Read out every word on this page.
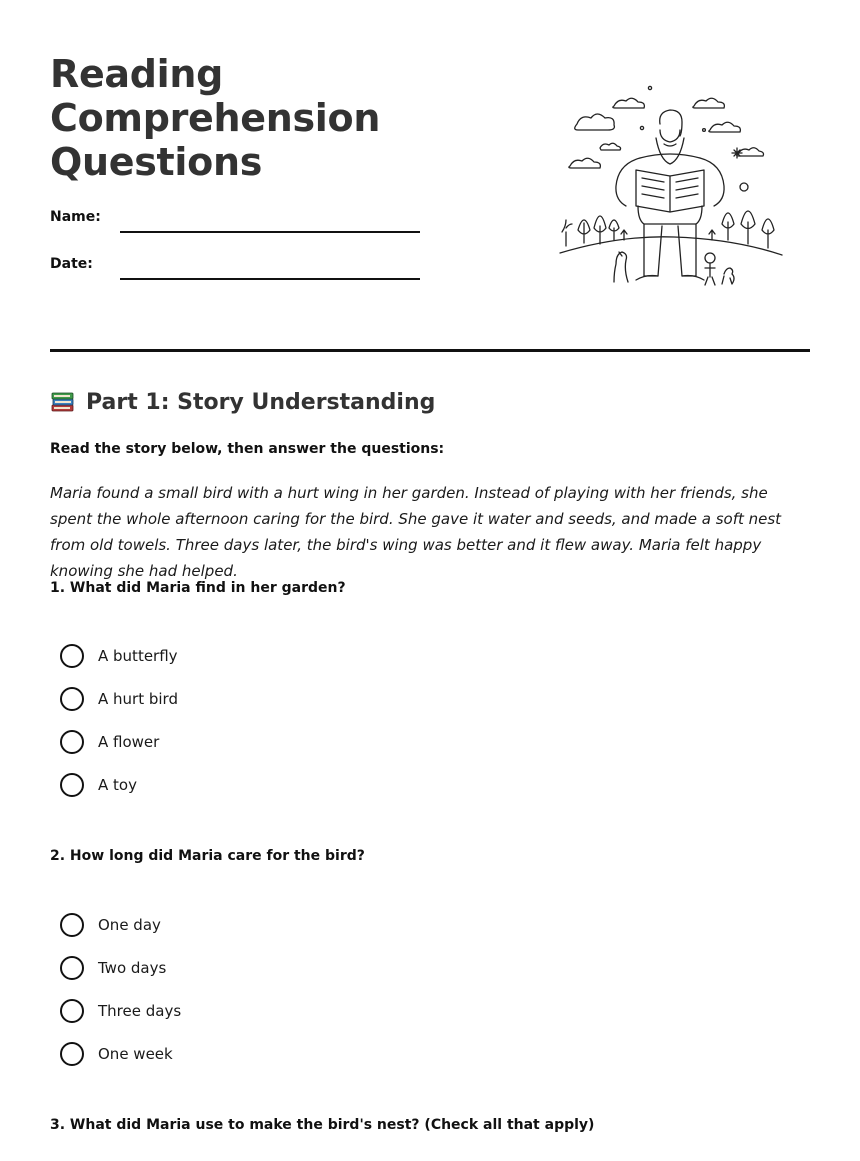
Reading
Comprehension
Questions
Name:
Date:
Part 1: Story Understanding
Read the story below, then answer the questions:
Maria found a small bird with a hurt wing in her garden. Instead of playing with her friends, she spent the whole afternoon caring for the bird. She gave it water and seeds, and made a soft nest from old towels. Three days later, the bird's wing was better and it flew away. Maria felt happy knowing she had helped.
1. What did Maria find in her garden?
A butterfly
A hurt bird
A flower
A toy
2. How long did Maria care for the bird?
One day
Two days
Three days
One week
3. What did Maria use to make the bird's nest? (Check all that apply)
